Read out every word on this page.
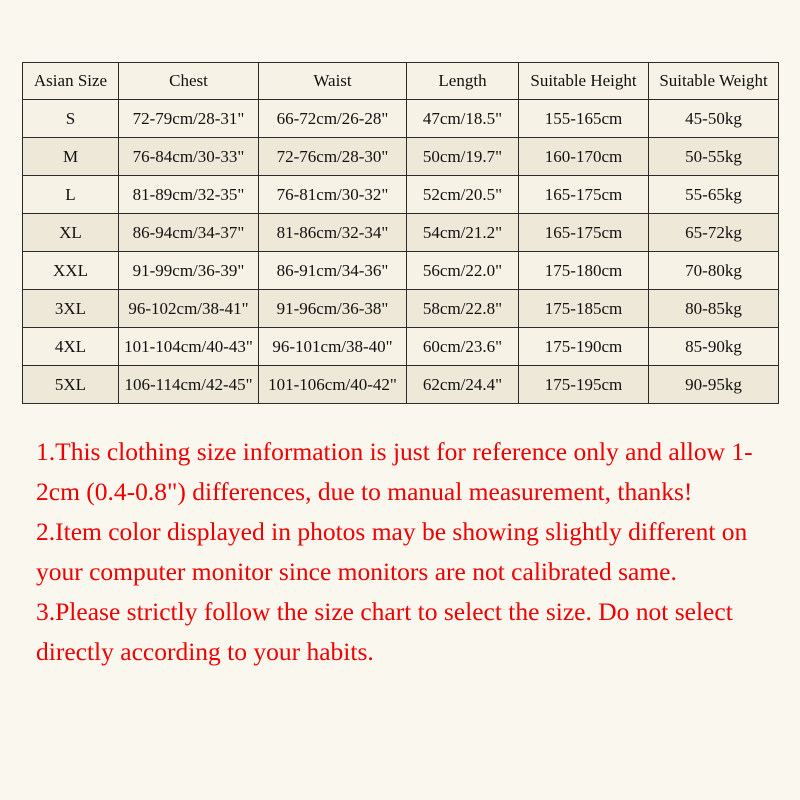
Asian Size	Chest	Waist	Length	Suitable Height	Suitable Weight
S	72-79cm/28-31"	66-72cm/26-28"	47cm/18.5"	155-165cm	45-50kg
M	76-84cm/30-33"	72-76cm/28-30"	50cm/19.7"	160-170cm	50-55kg
L	81-89cm/32-35"	76-81cm/30-32"	52cm/20.5"	165-175cm	55-65kg
XL	86-94cm/34-37"	81-86cm/32-34"	54cm/21.2"	165-175cm	65-72kg
XXL	91-99cm/36-39"	86-91cm/34-36"	56cm/22.0"	175-180cm	70-80kg
3XL	96-102cm/38-41"	91-96cm/36-38"	58cm/22.8"	175-185cm	80-85kg
4XL	101-104cm/40-43"	96-101cm/38-40"	60cm/23.6"	175-190cm	85-90kg
5XL	106-114cm/42-45"	101-106cm/40-42"	62cm/24.4"	175-195cm	90-95kg

1.This clothing size information is just for reference only and allow 1-2cm (0.4-0.8") differences, due to manual measurement, thanks!

2.Item color displayed in photos may be showing slightly different on your computer monitor since monitors are not calibrated same.

3.Please strictly follow the size chart to select the size. Do not select directly according to your habits.
